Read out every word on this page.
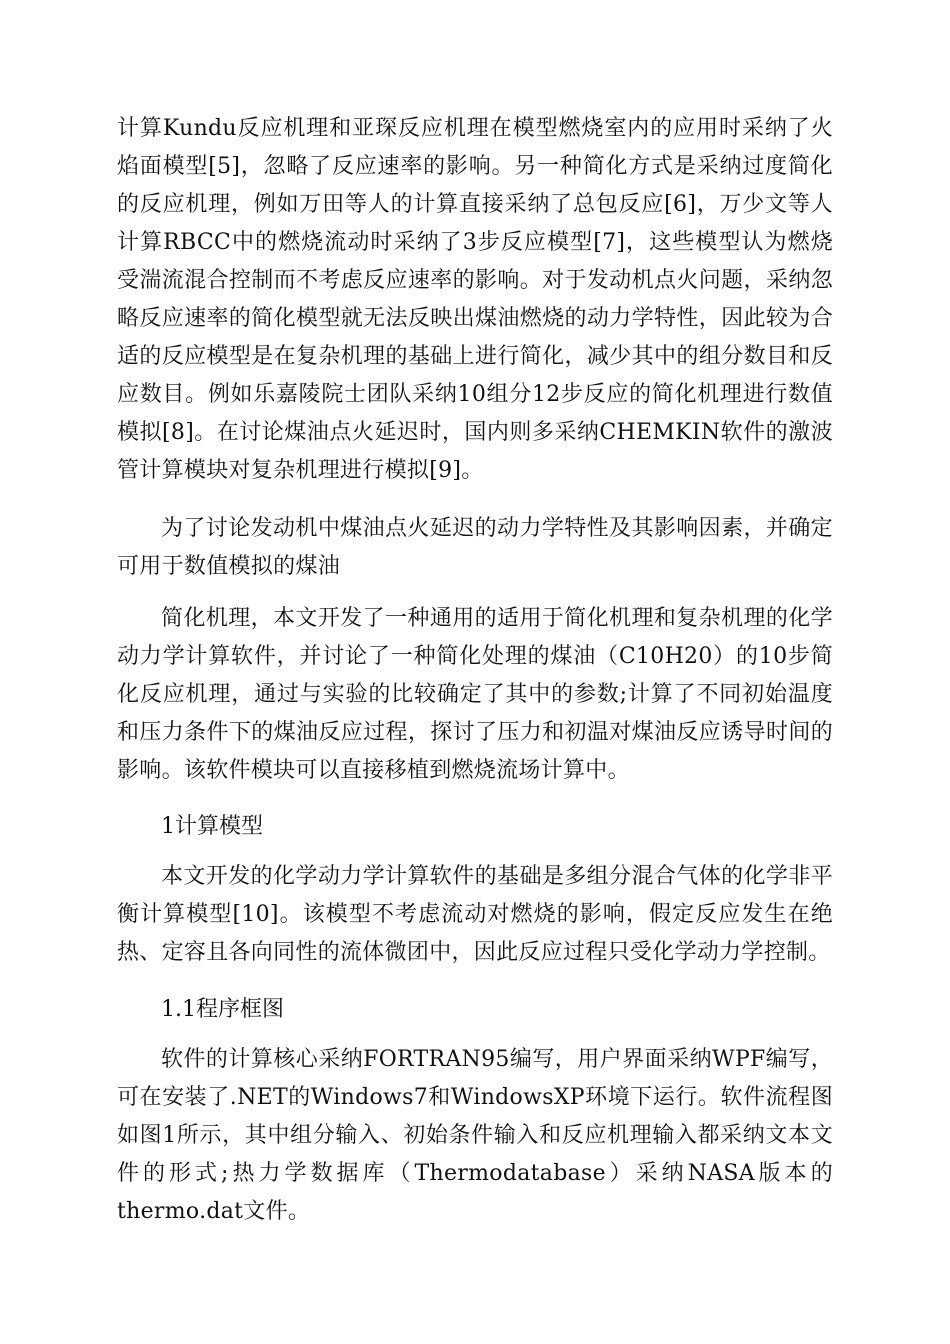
计算Kundu反应机理和亚琛反应机理在模型燃烧室内的应用时采纳了火焰面模型[5]，忽略了反应速率的影响。另一种简化方式是采纳过度简化的反应机理，例如万田等人的计算直接采纳了总包反应[6]，万少文等人计算RBCC中的燃烧流动时采纳了3步反应模型[7]，这些模型认为燃烧受湍流混合控制而不考虑反应速率的影响。对于发动机点火问题，采纳忽略反应速率的简化模型就无法反映出煤油燃烧的动力学特性，因此较为合适的反应模型是在复杂机理的基础上进行简化，减少其中的组分数目和反应数目。例如乐嘉陵院士团队采纳10组分12步反应的简化机理进行数值模拟[8]。在讨论煤油点火延迟时，国内则多采纳CHEMKIN软件的激波管计算模块对复杂机理进行模拟[9]。

为了讨论发动机中煤油点火延迟的动力学特性及其影响因素，并确定可用于数值模拟的煤油

简化机理，本文开发了一种通用的适用于简化机理和复杂机理的化学动力学计算软件，并讨论了一种简化处理的煤油（C10H20）的10步简化反应机理，通过与实验的比较确定了其中的参数;计算了不同初始温度和压力条件下的煤油反应过程，探讨了压力和初温对煤油反应诱导时间的影响。该软件模块可以直接移植到燃烧流场计算中。

1计算模型

本文开发的化学动力学计算软件的基础是多组分混合气体的化学非平衡计算模型[10]。该模型不考虑流动对燃烧的影响，假定反应发生在绝热、定容且各向同性的流体微团中，因此反应过程只受化学动力学控制。

1.1程序框图

软件的计算核心采纳FORTRAN95编写，用户界面采纳WPF编写，可在安装了.NET的Windows7和WindowsXP环境下运行。软件流程图如图1所示，其中组分输入、初始条件输入和反应机理输入都采纳文本文件的形式;热力学数据库（Thermodatabase）采纳NASA版本的thermo.dat文件。
